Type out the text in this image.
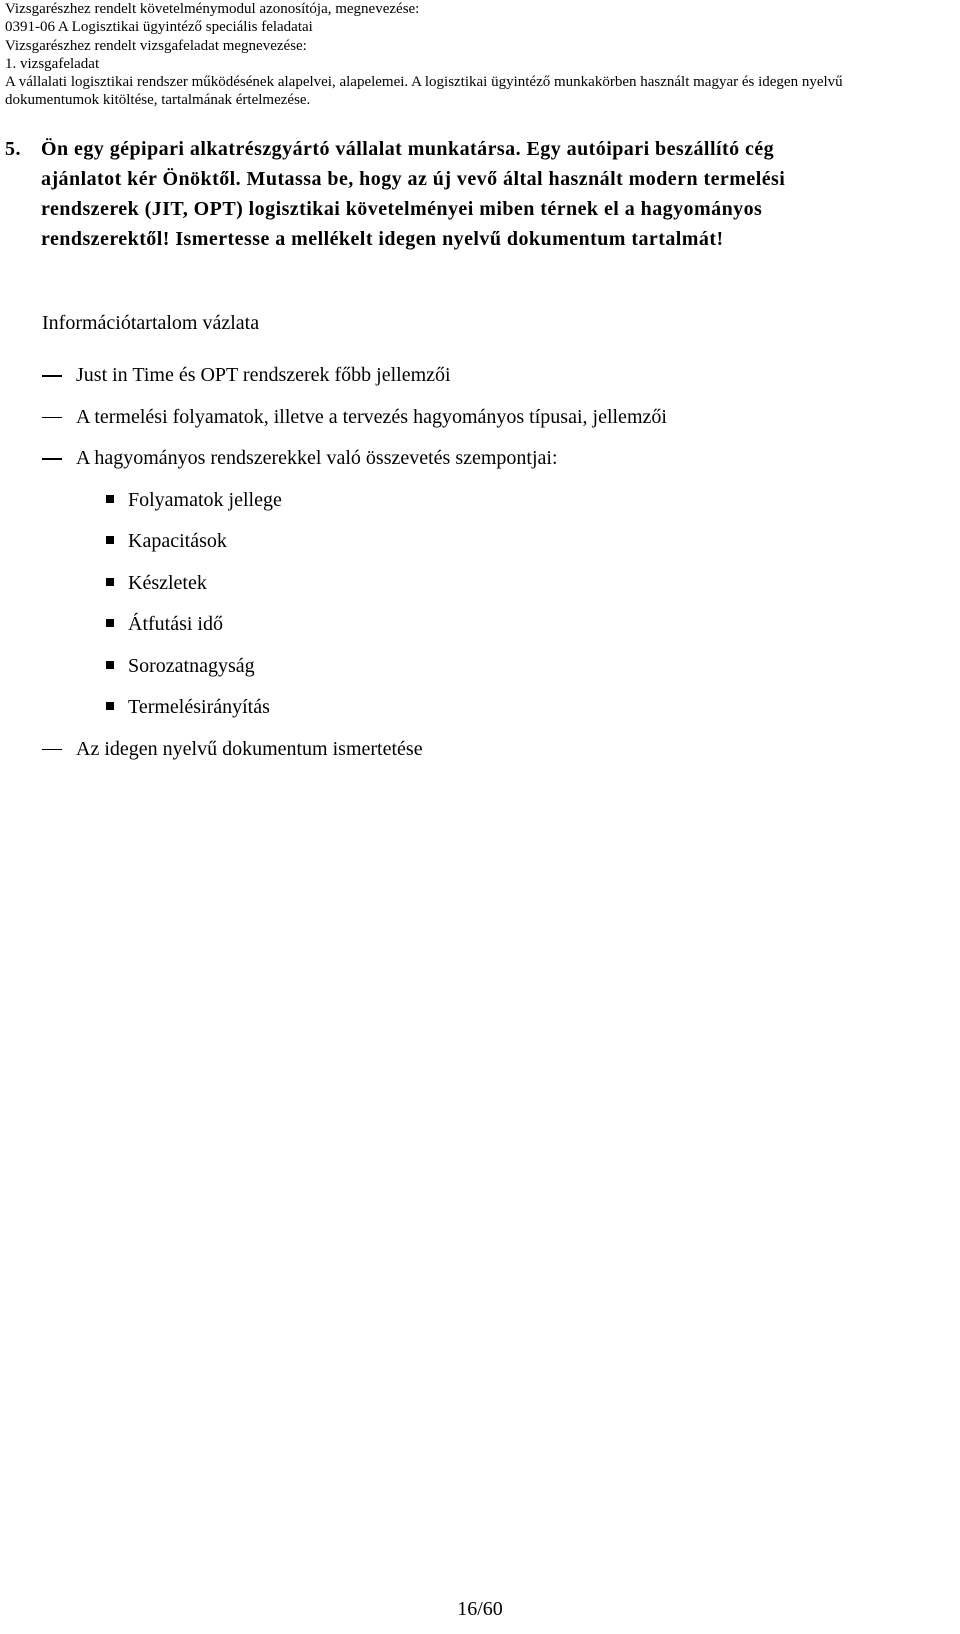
Vizsgarészhez rendelt követelménymodul azonosítója, megnevezése:

0391-06 A Logisztikai ügyintéző speciális feladatai

Vizsgarészhez rendelt vizsgafeladat megnevezése:

1. vizsgafeladat

A vállalati logisztikai rendszer működésének alapelvei, alapelemei. A logisztikai ügyintéző munkakörben használt magyar és idegen nyelvű

dokumentumok kitöltése, tartalmának értelmezése.

5. Ön egy gépipari alkatrészgyártó vállalat munkatársa. Egy autóipari beszállító cég
ajánlatot kér Önöktől. Mutassa be, hogy az új vevő által használt modern termelési
rendszerek (JIT, OPT) logisztikai követelményei miben térnek el a hagyományos
rendszerektől! Ismertesse a mellékelt idegen nyelvű dokumentum tartalmát!

Információtartalom vázlata

Just in Time és OPT rendszerek főbb jellemzői
A termelési folyamatok, illetve a tervezés hagyományos típusai, jellemzői
A hagyományos rendszerekkel való összevetés szempontjai:
Folyamatok jellege
Kapacitások
Készletek
Átfutási idő
Sorozatnagyság
Termelésirányítás
Az idegen nyelvű dokumentum ismertetése
16/60
